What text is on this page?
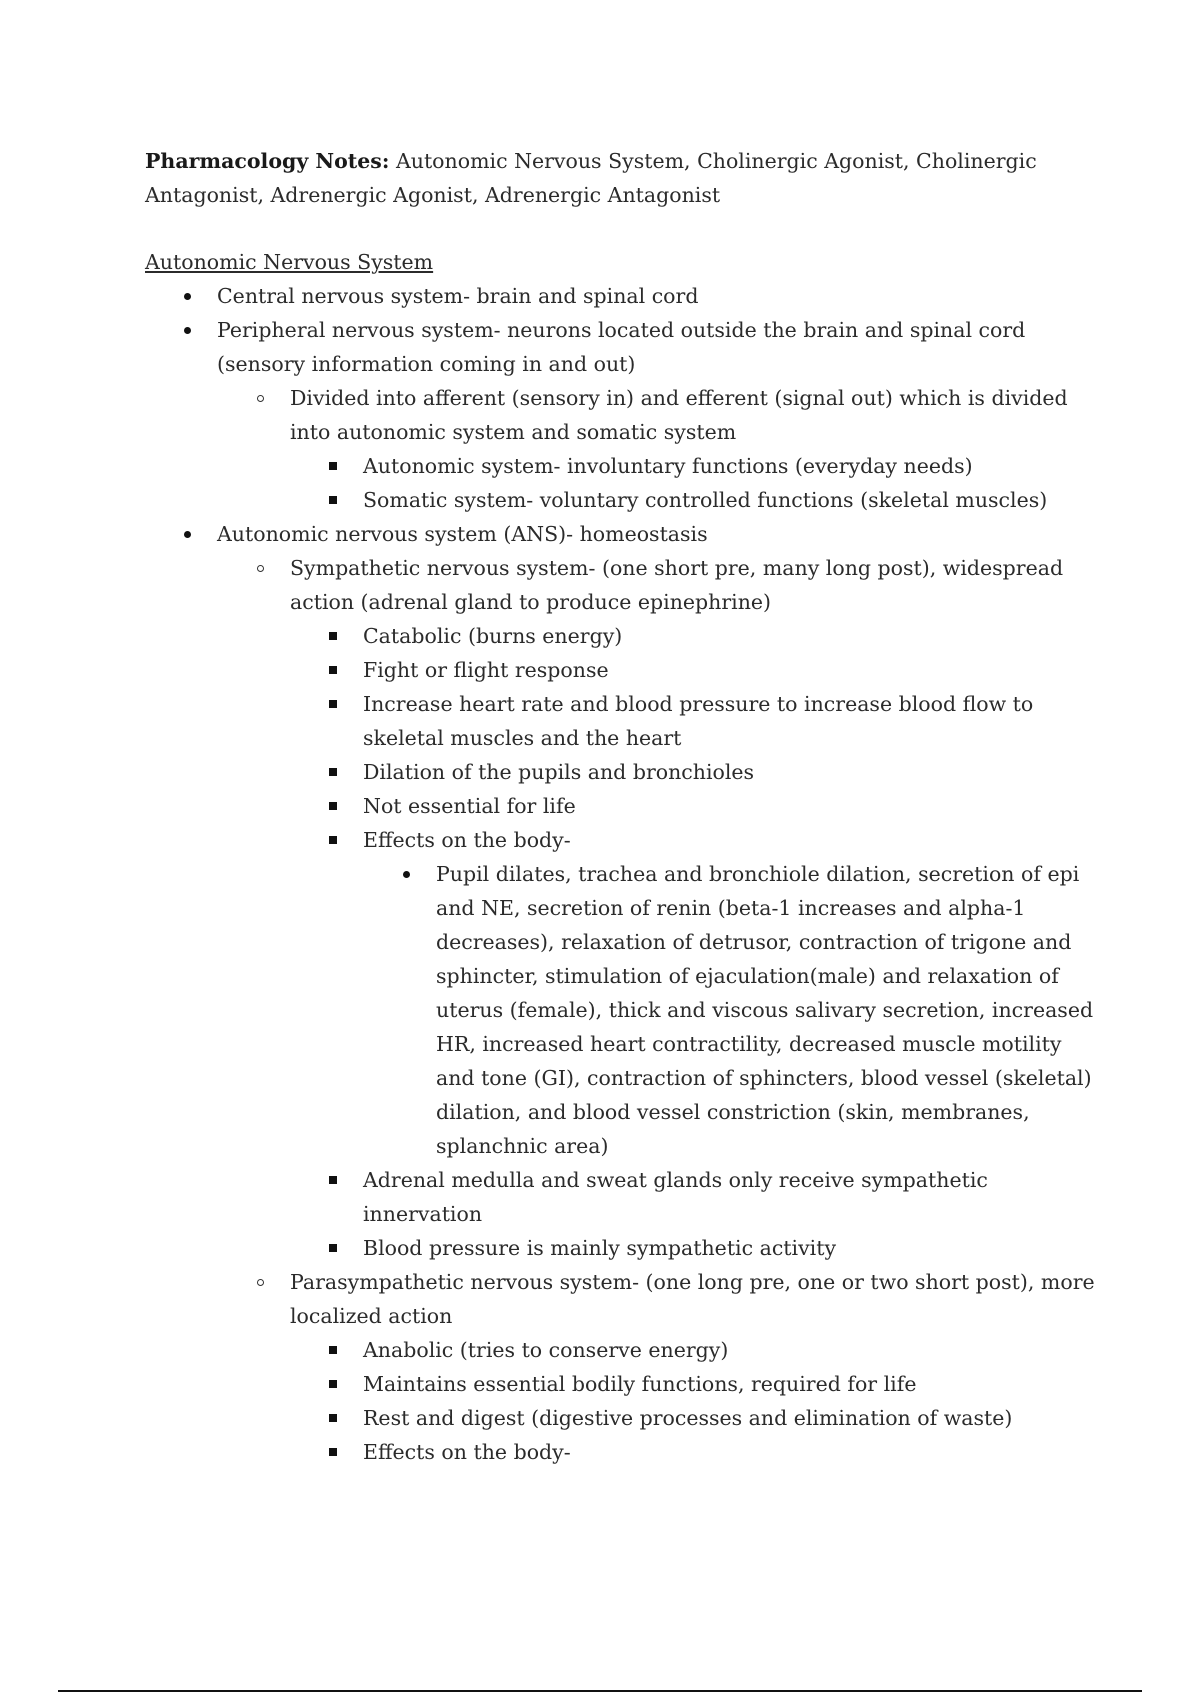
Pharmacology Notes: Autonomic Nervous System, Cholinergic Agonist, Cholinergic

Antagonist, Adrenergic Agonist, Adrenergic Antagonist

Autonomic Nervous System

Central nervous system- brain and spinal cord
Peripheral nervous system- neurons located outside the brain and spinal cord (sensory information coming in and out)
Divided into afferent (sensory in) and efferent (signal out) which is divided into autonomic system and somatic system
Autonomic system- involuntary functions (everyday needs)
Somatic system- voluntary controlled functions (skeletal muscles)
Autonomic nervous system (ANS)- homeostasis
Sympathetic nervous system- (one short pre, many long post), widespread action (adrenal gland to produce epinephrine)
Catabolic (burns energy)
Fight or flight response
Increase heart rate and blood pressure to increase blood flow to skeletal muscles and the heart
Dilation of the pupils and bronchioles
Not essential for life
Effects on the body-
Pupil dilates, trachea and bronchiole dilation, secretion of epi and NE, secretion of renin (beta-1 increases and alpha-1 decreases), relaxation of detrusor, contraction of trigone and sphincter, stimulation of ejaculation(male) and relaxation of uterus (female), thick and viscous salivary secretion, increased HR, increased heart contractility, decreased muscle motility and tone (GI), contraction of sphincters, blood vessel (skeletal) dilation, and blood vessel constriction (skin, membranes, splanchnic area)
Adrenal medulla and sweat glands only receive sympathetic innervation
Blood pressure is mainly sympathetic activity
Parasympathetic nervous system- (one long pre, one or two short post), more localized action
Anabolic (tries to conserve energy)
Maintains essential bodily functions, required for life
Rest and digest (digestive processes and elimination of waste)
Effects on the body-
